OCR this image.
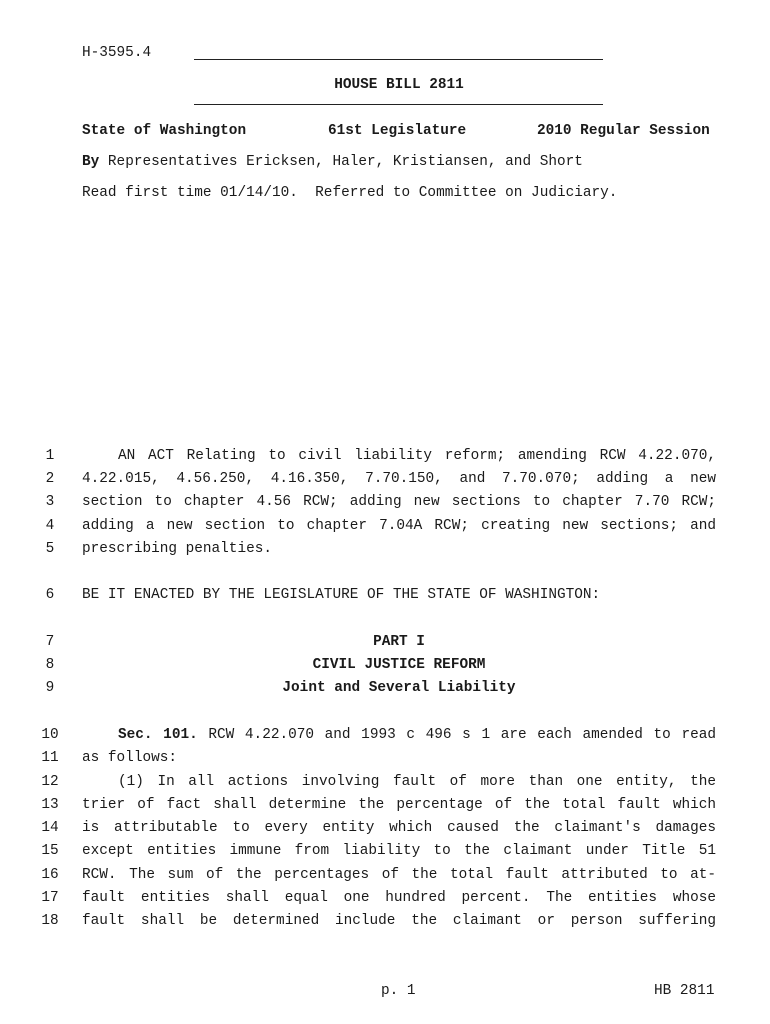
H-3595.4
HOUSE BILL 2811
State of Washington	61st Legislature	2010 Regular Session
By Representatives Ericksen, Haler, Kristiansen, and Short
Read first time 01/14/10.  Referred to Committee on Judiciary.
1	AN ACT Relating to civil liability reform; amending RCW 4.22.070,
2	4.22.015, 4.56.250, 4.16.350, 7.70.150, and 7.70.070; adding a new
3	section to chapter 4.56 RCW; adding new sections to chapter 7.70 RCW;
4	adding a new section to chapter 7.04A RCW; creating new sections; and
5	prescribing penalties.
6	BE IT ENACTED BY THE LEGISLATURE OF THE STATE OF WASHINGTON:
7	PART I
8	CIVIL JUSTICE REFORM
9	Joint and Several Liability
10	Sec. 101. RCW 4.22.070 and 1993 c 496 s 1 are each amended to read
11 as follows:
12	(1) In all actions involving fault of more than one entity, the
13 trier of fact shall determine the percentage of the total fault which
14 is attributable to every entity which caused the claimant's damages
15 except entities immune from liability to the claimant under Title 51
16 RCW. The sum of the percentages of the total fault attributed to at-
17 fault entities shall equal one hundred percent. The entities whose
18 fault shall be determined include the claimant or person suffering
p. 1	HB 2811
